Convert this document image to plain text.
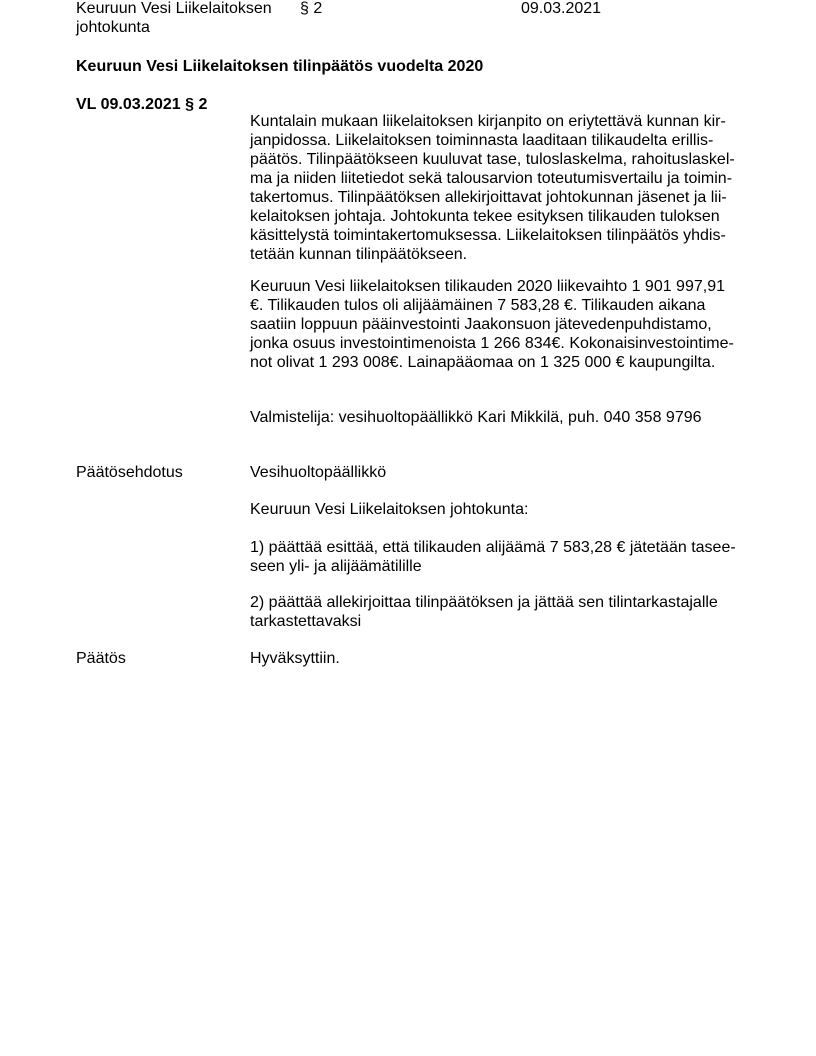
Keuruun Vesi Liikelaitoksen
johtokunta
§ 2	09.03.2021
Keuruun Vesi Liikelaitoksen tilinpäätös vuodelta 2020
VL 09.03.2021 § 2
Kuntalain mukaan liikelaitoksen kirjanpito on eriytettävä kunnan kir-
janpidossa. Liikelaitoksen toiminnasta laaditaan tilikaudelta erillis-
päätös. Tilinpäätökseen kuuluvat tase, tuloslaskelma, rahoituslaskel-
ma ja niiden liitetiedot sekä talousarvion toteutumisvertailu ja toimin-
takertomus. Tilinpäätöksen allekirjoittavat johtokunnan jäsenet ja lii-
kelaitoksen johtaja. Johtokunta tekee esityksen tilikauden tuloksen
käsittelystä toimintakertomuksessa. Liikelaitoksen tilinpäätös yhdis-
tetään kunnan tilinpäätökseen.
Keuruun Vesi liikelaitoksen tilikauden 2020 liikevaihto 1 901 997,91
€. Tilikauden tulos oli alijäämäinen 7 583,28 €. Tilikauden aikana
saatiin loppuun pääinvestointi Jaakonsuon jätevedenpuhdistamo,
jonka osuus investointimenoista 1 266 834€. Kokonaisinvestointime-
not olivat 1 293 008€. Lainapääomaa on 1 325 000 € kaupungilta.
Valmistelija: vesihuoltopäällikkö Kari Mikkilä, puh. 040 358 9796
Päätösehdotus	Vesihuoltopäällikkö
Keuruun Vesi Liikelaitoksen johtokunta:
1) päättää esittää, että tilikauden alijäämä 7 583,28 € jätetään tasee-
seen yli- ja alijäämätilille
2) päättää allekirjoittaa tilinpäätöksen ja jättää sen tilintarkastajalle
tarkastettavaksi
Päätös	Hyväksyttiin.
